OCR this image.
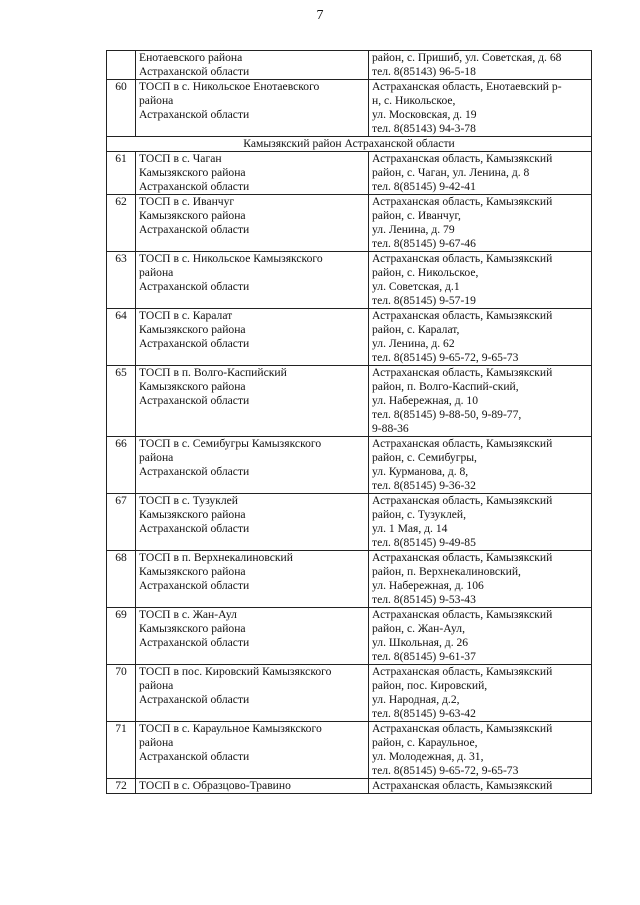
7

	Енотаевского района
Астраханской области	район, с. Пришиб, ул. Советская, д. 68
тел. 8(85143) 96-5-18

60	ТОСП в с. Никольское Енотаевского
района
Астраханской области	Астраханская область, Енотаевский р-
н, с. Никольское,
ул. Московская, д. 19
тел. 8(85143) 94-3-78

Камызякский район Астраханской области		
61	ТОСП в с. Чаган
Камызякского района
Астраханской области	Астраханская область, Камызякский
район, с. Чаган, ул. Ленина, д. 8
тел. 8(85145) 9-42-41

62	ТОСП в с. Иванчуг
Камызякского района
Астраханской области	Астраханская область, Камызякский
район, с. Иванчуг,
ул. Ленина, д. 79
тел. 8(85145) 9-67-46

63	ТОСП в с. Никольское Камызякского
района
Астраханской области	Астраханская область, Камызякский
район, с. Никольское,
ул. Советская, д.1
тел. 8(85145) 9-57-19

64	ТОСП в с. Каралат
Камызякского района
Астраханской области	Астраханская область, Камызякский
район, с. Каралат,
ул. Ленина, д. 62
тел. 8(85145) 9-65-72, 9-65-73

65	ТОСП в п. Волго-Каспийский
Камызякского района
Астраханской области	Астраханская область, Камызякский
район, п. Волго-Каспий-ский,
ул. Набережная, д. 10
тел. 8(85145) 9-88-50, 9-89-77,
9-88-36

66	ТОСП в с. Семибугры Камызякского
района
Астраханской области	Астраханская область, Камызякский
район, с. Семибугры,
ул. Курманова, д. 8,
тел. 8(85145) 9-36-32

67	ТОСП в с. Тузуклей
Камызякского района
Астраханской области	Астраханская область, Камызякский
район, с. Тузуклей,
ул. 1 Мая, д. 14
тел. 8(85145) 9-49-85

68	ТОСП в п. Верхнекалиновский
Камызякского района
Астраханской области	Астраханская область, Камызякский
район, п. Верхнекалиновский,
ул. Набережная, д. 106
тел. 8(85145) 9-53-43

69	ТОСП в с. Жан-Аул
Камызякского района
Астраханской области	Астраханская область, Камызякский
район, с. Жан-Аул,
ул. Школьная, д. 26
тел. 8(85145) 9-61-37

70	ТОСП в пос. Кировский Камызякского
района
Астраханской области	Астраханская область, Камызякский
район, пос. Кировский,
ул. Народная, д.2,
тел. 8(85145) 9-63-42

71	ТОСП в с. Караульное Камызякского
района
Астраханской области	Астраханская область, Камызякский
район, с. Караульное,
ул. Молодежная, д. 31,
тел. 8(85145) 9-65-72, 9-65-73

72	ТОСП в с. Образцово-Травино	Астраханская область, Камызякский
